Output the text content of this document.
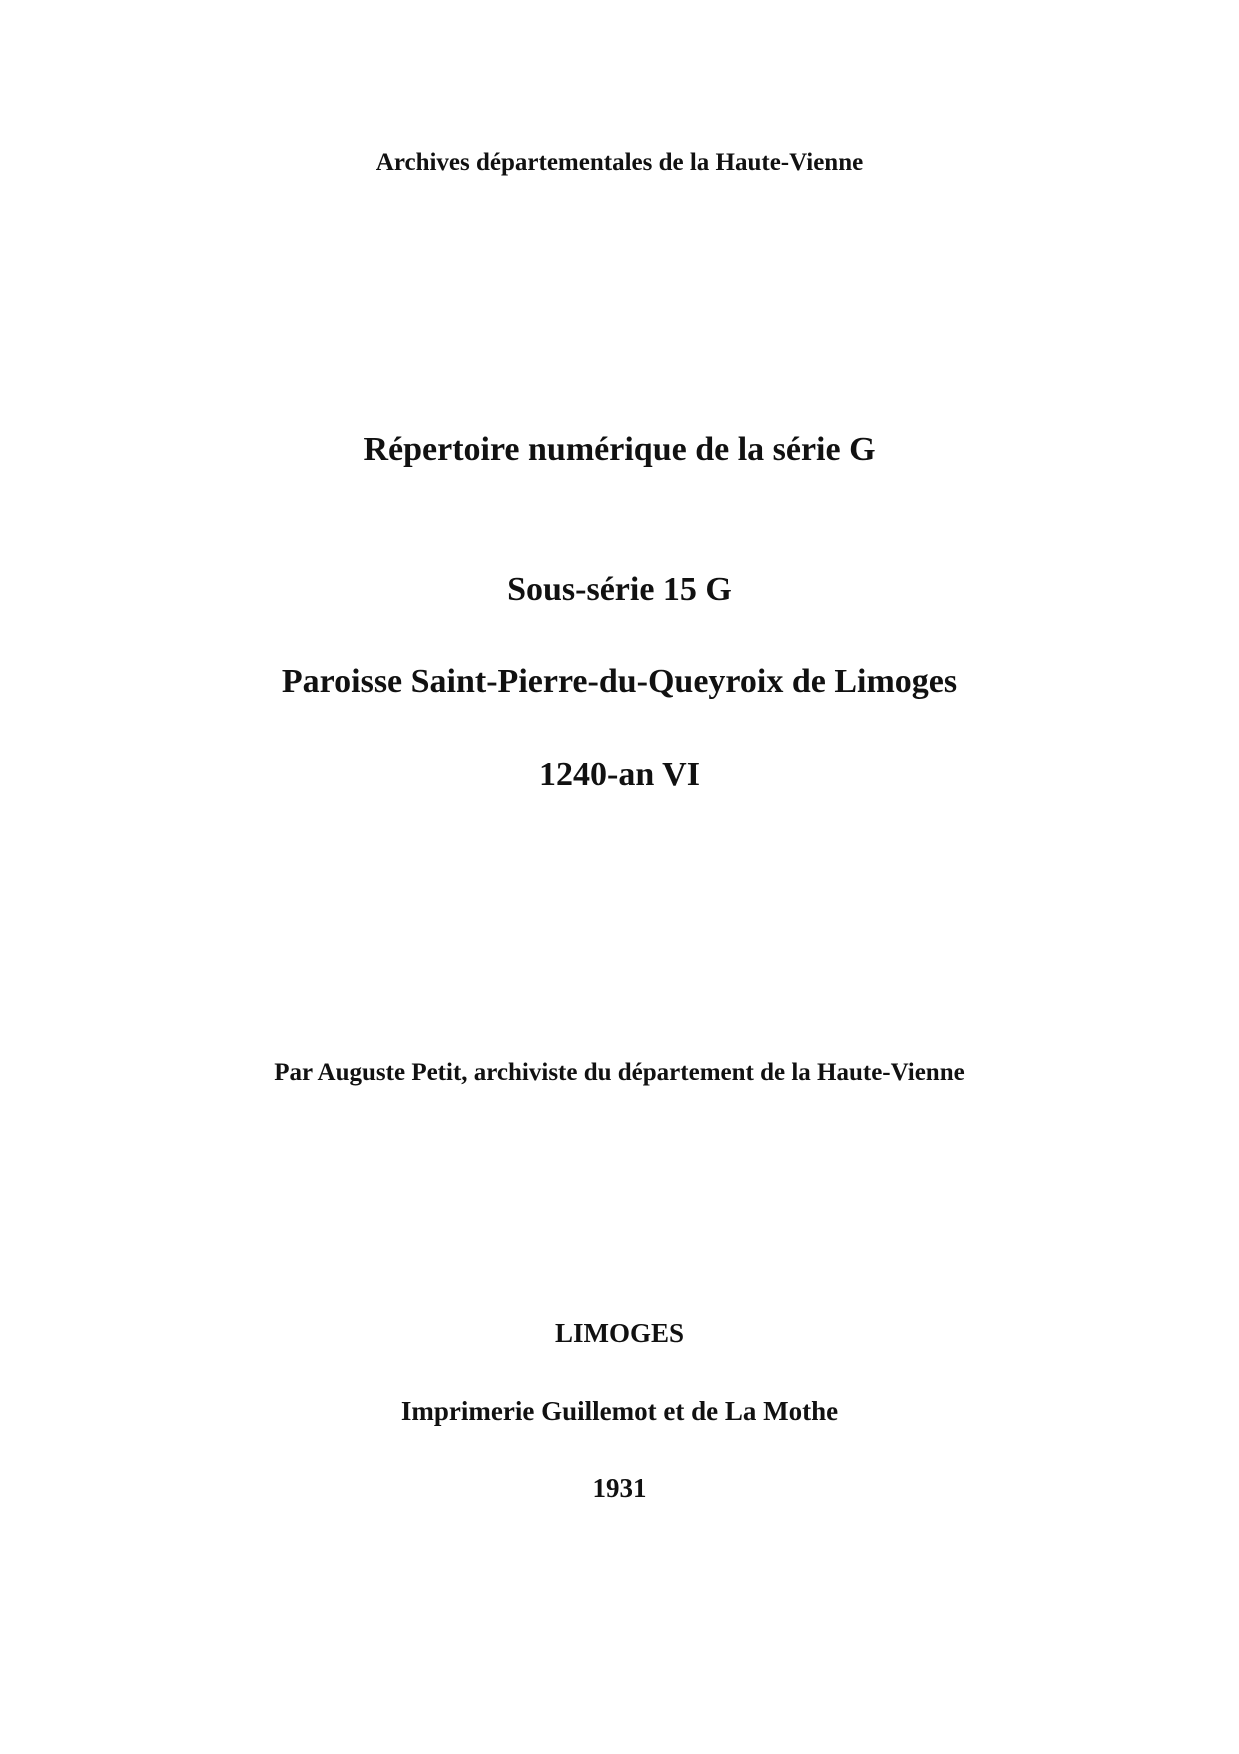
Archives départementales de la Haute-Vienne
Répertoire numérique de la série G
Sous-série 15 G
Paroisse Saint-Pierre-du-Queyroix de Limoges
1240-an VI
Par Auguste Petit, archiviste du département de la Haute-Vienne
LIMOGES
Imprimerie Guillemot et de La Mothe
1931
